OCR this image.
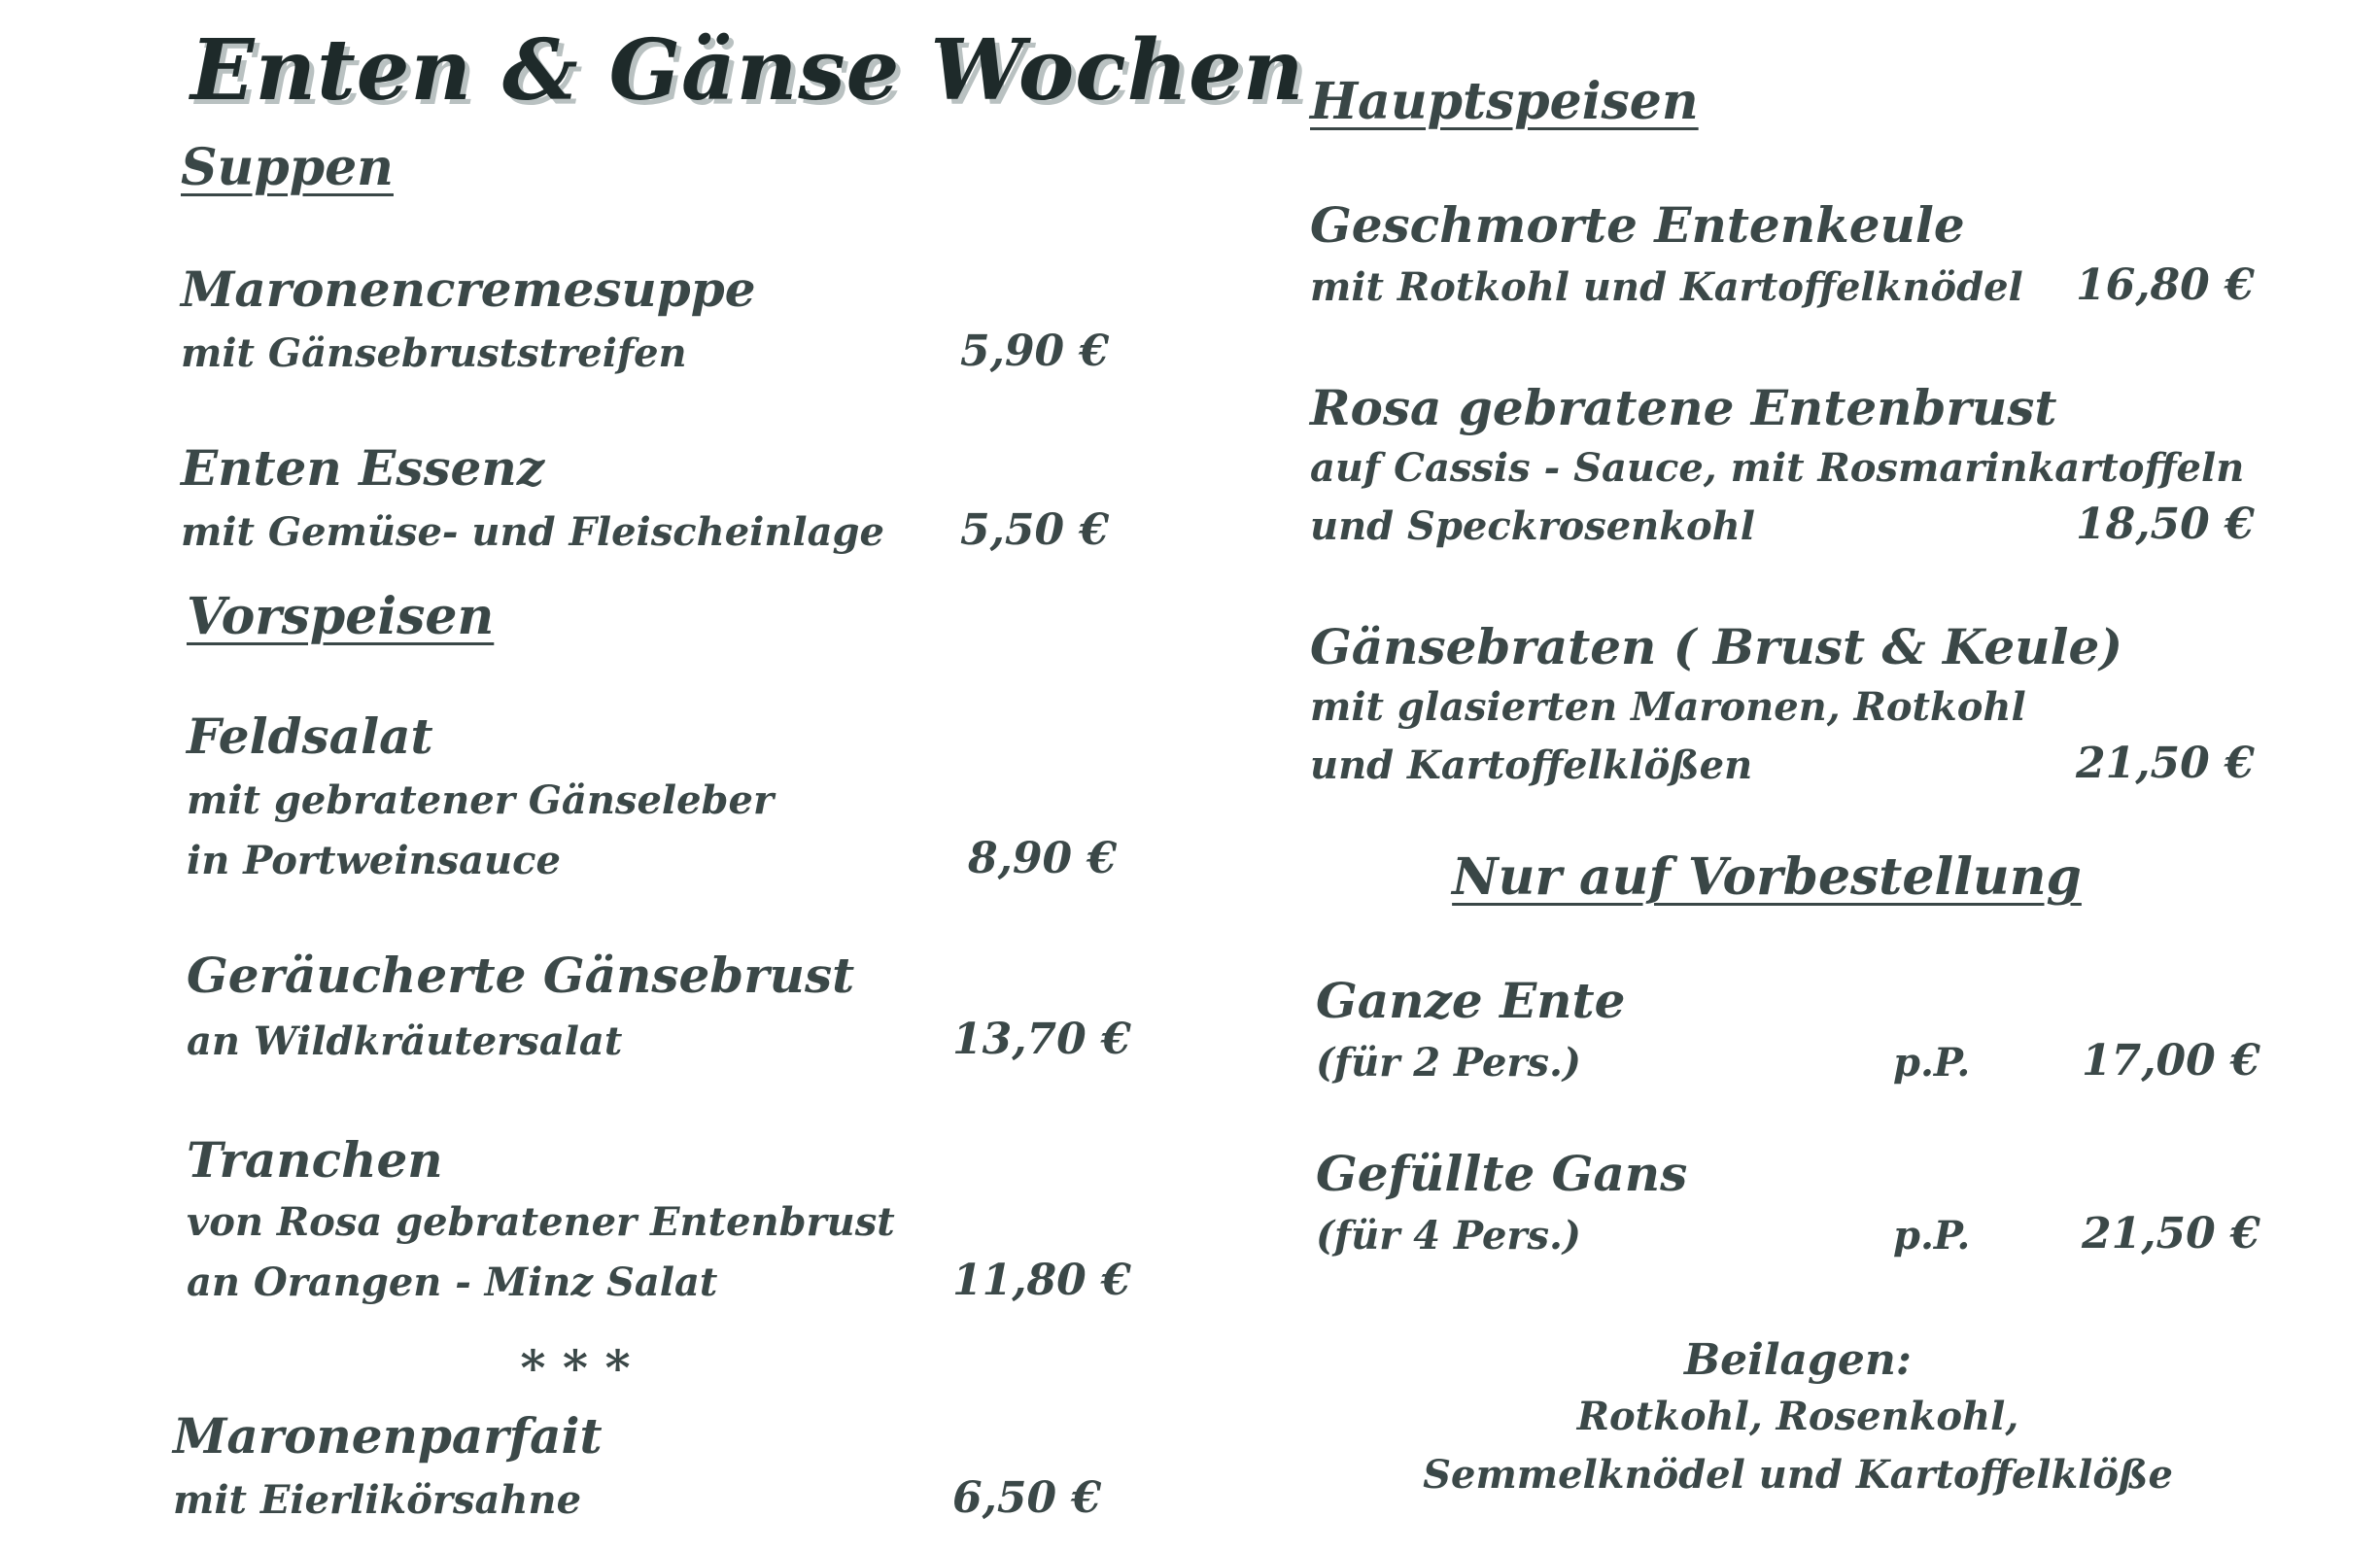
Enten & Gänse Wochen
Suppen
Maronencremesuppe
mit Gänsebruststreifen	5,90 €
Enten Essenz
mit Gemüse- und Fleischeinlage 5,50 €
Vorspeisen
Feldsalat
mit gebratener Gänseleber
in Portweinsauce	8,90 €
Geräucherte Gänsebrust
an Wildkräutersalat	13,70 €
Tranchen
von Rosa gebratener Entenbrust
an Orangen - Minz Salat	11,80 €
* * *
Maronenparfait
mit Eierlikörsahne	6,50 €
Hauptspeisen
Geschmorte Entenkeule
mit Rotkohl und Kartoffelknödel 16,80 €
Rosa gebratene Entenbrust
auf Cassis - Sauce, mit Rosmarinkartoffeln
und Speckrosenkohl	18,50 €
Gänsebraten ( Brust & Keule)
mit glasierten Maronen, Rotkohl
und Kartoffelklößen	21,50 €
Nur auf Vorbestellung
Ganze Ente
(für 2 Pers.)	p.P.	17,00 €
Gefüllte Gans
(für 4 Pers.)	p.P.	21,50 €
Beilagen:
Rotkohl, Rosenkohl,
Semmelknödel und Kartoffelklöße
